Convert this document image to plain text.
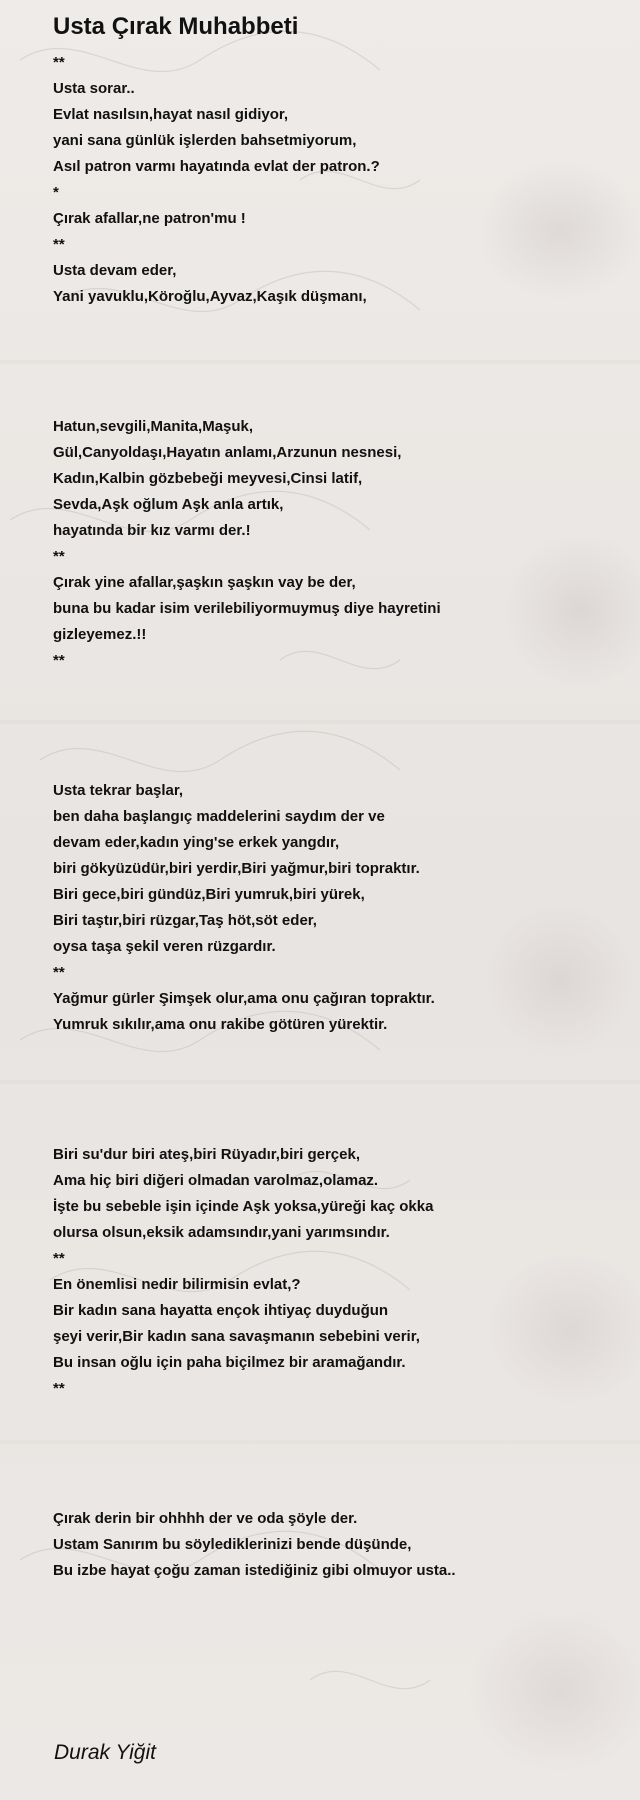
Usta Çırak Muhabbeti
**
Usta sorar..
Evlat nasılsın,hayat nasıl gidiyor,
yani sana günlük işlerden bahsetmiyorum,
Asıl patron varmı hayatında evlat der patron.?
*
Çırak afallar,ne patron'mu !
**
Usta devam eder,
Yani yavuklu,Köroğlu,Ayvaz,Kaşık düşmanı,
Hatun,sevgili,Manita,Maşuk,
Gül,Canyoldaşı,Hayatın anlamı,Arzunun nesnesi,
Kadın,Kalbin gözbebeği meyvesi,Cinsi latif,
Sevda,Aşk oğlum Aşk anla artık,
hayatında bir kız varmı der.!
**
Çırak yine afallar,şaşkın şaşkın vay be der,
buna bu kadar isim verilebiliyormuymuş diye hayretini
gizleyemez.!!
**
Usta tekrar başlar,
ben daha başlangıç maddelerini saydım der ve
devam eder,kadın ying'se erkek yangdır,
biri gökyüzüdür,biri yerdir,Biri yağmur,biri topraktır.
Biri gece,biri gündüz,Biri yumruk,biri yürek,
Biri taştır,biri rüzgar,Taş höt,söt eder,
oysa taşa şekil veren rüzgardır.
**
Yağmur gürler Şimşek olur,ama onu çağıran topraktır.
Yumruk sıkılır,ama onu rakibe götüren yürektir.
Biri su'dur biri ateş,biri Rüyadır,biri gerçek,
Ama hiç biri diğeri olmadan varolmaz,olamaz.
İşte bu sebeble işin içinde Aşk yoksa,yüreği kaç okka
olursa olsun,eksik adamsındır,yani yarımsındır.
**
En önemlisi nedir bilirmisin evlat,?
Bir kadın sana hayatta ençok ihtiyaç duyduğun
şeyi verir,Bir kadın sana savaşmanın sebebini verir,
Bu insan oğlu için paha biçilmez bir aramağandır.
**
Çırak derin bir ohhhh der ve oda şöyle der.
Ustam Sanırım bu söylediklerinizi bende düşünde,
Bu izbe hayat çoğu zaman istediğiniz gibi olmuyor usta..
Durak Yiğit
